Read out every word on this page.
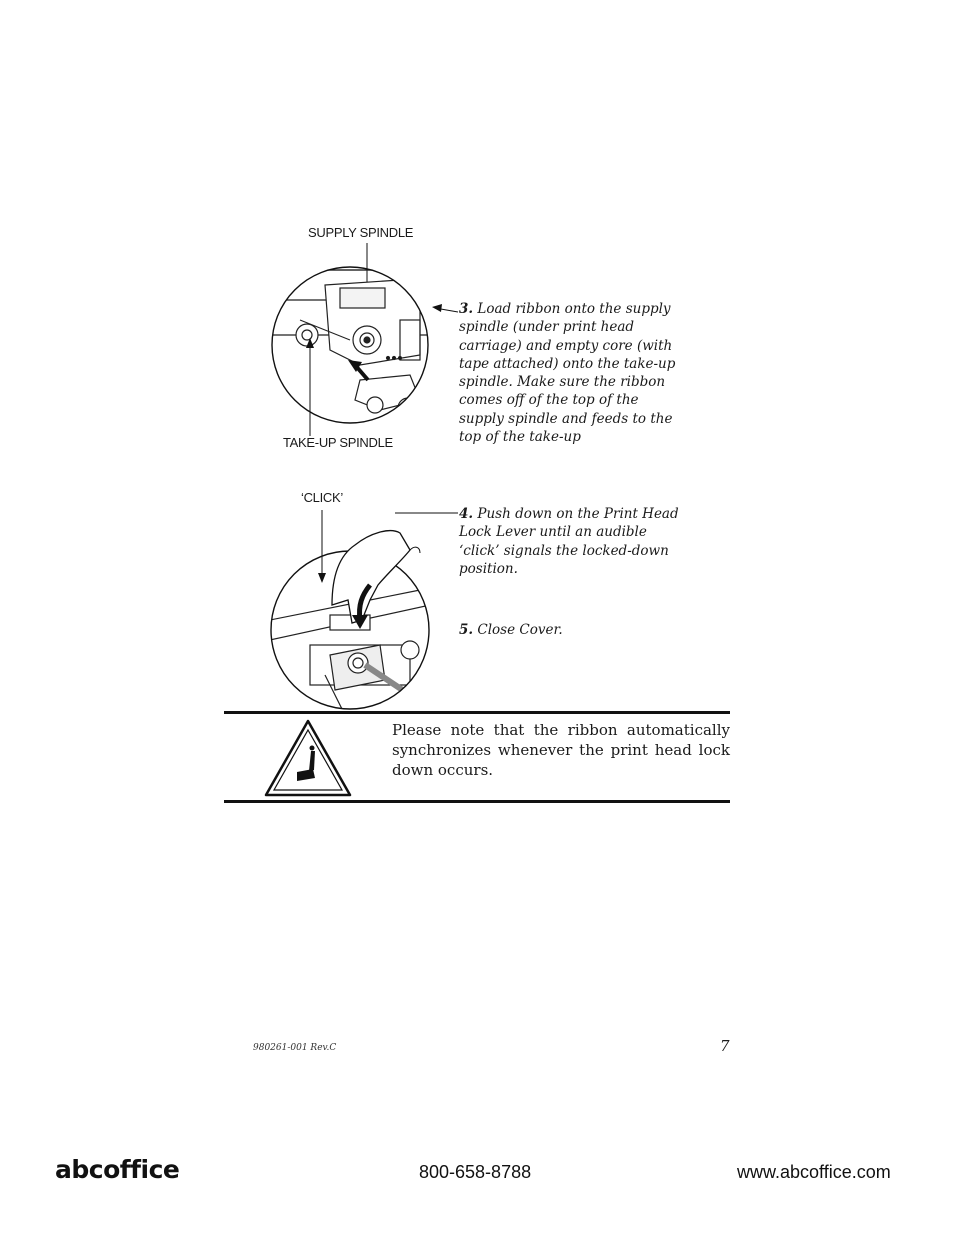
SUPPLY SPINDLE
TAKE-UP SPINDLE
3. Load ribbon onto the supply spindle (under print head carriage) and empty core (with tape attached) onto the take-up spindle. Make sure the ribbon comes off of the top of the supply spindle and feeds to the top of the take-up
‘CLICK’
4. Push down on the Print Head Lock Lever until an audible ‘click’ signals the locked-down position.
5. Close Cover.
Please note that the ribbon automatically synchronizes whenever the print head lock down occurs.
980261-001 Rev.C	7
abcoffice	800-658-8788	www.abcoffice.com
